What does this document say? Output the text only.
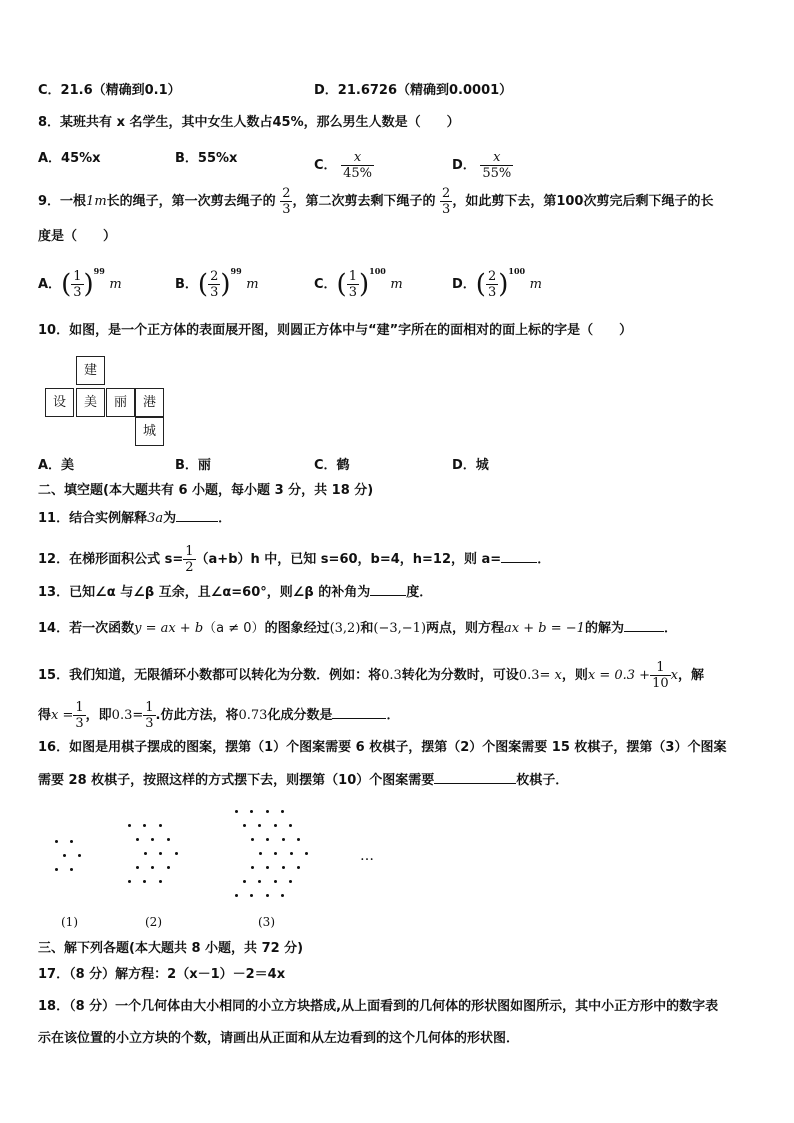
C．21.6（精确到0.1）	D．21.6726（精确到0.0001）
8．某班共有 x 名学生，其中女生人数占45%，那么男生人数是（　　）
A．45%x	B．55%x	C． $\frac{x}{45\%}$	D． $\frac{x}{55\%}$
9．一根1m长的绳子，第一次剪去绳子的 $\frac{2}{3}$ ，第二次剪去剩下绳子的 $\frac{2}{3}$ ，如此剪下去，第100次剪完后剩下绳子的长
度是（　　）
A．( $\frac{1}{3} )^{99}$ m	B．( $\frac{2}{3} )^{99}$ m	C．( $\frac{1}{3} )^{100}$ m	D．( $\frac{2}{3} )^{100}$ m
10．如图，是一个正方体的表面展开图，则圆正方体中与“建”字所在的面相对的面上标的字是（　　）
建
设	美	丽	港
城
A．美	B．丽	C．鹤	D．城
二、填空题(本大题共有 6 小题，每小题 3 分，共 18 分)
11．结合实例解释3a为	．
12．在梯形面积公式 $s= \frac{1}{2} (a+b)h$ 中，已知 s=60，b=4，h=12，则 a=	．
13．已知∠α 与∠β 互余，且∠α=60°，则∠β 的补角为	度．
14．若一次函数y = ax + b（a ≠ 0）的图象经过(3,2)和(−3,−1)两点，则方程ax + b = −1的解为	．
15．我们知道，无限循环小数都可以转化为分数．例如：将0.3转化为分数时，可设0.3= x，则$x = 0.3 + \frac{1}{10}$ x，解
得$x = \frac{1}{3}$ ，即$0.3= \frac{1}{3}$ .仿此方法，将0.73化成分数是	．
16．如图是用棋子摆成的图案，摆第（1）个图案需要 6 枚棋子，摆第（2）个图案需要 15 枚棋子，摆第（3）个图案
需要 28 枚棋子，按照这样的方式摆下去，则摆第（10）个图案需要	枚棋子．
(1)	(2)	(3)
…
三、解下列各题(本大题共 8 小题，共 72 分)
17．（8 分）解方程：2（x－1）－2＝4x
18．（8 分）一个几何体由大小相同的小立方块搭成,从上面看到的几何体的形状图如图所示，其中小正方形中的数字表
示在该位置的小立方块的个数，请画出从正面和从左边看到的这个几何体的形状图．
